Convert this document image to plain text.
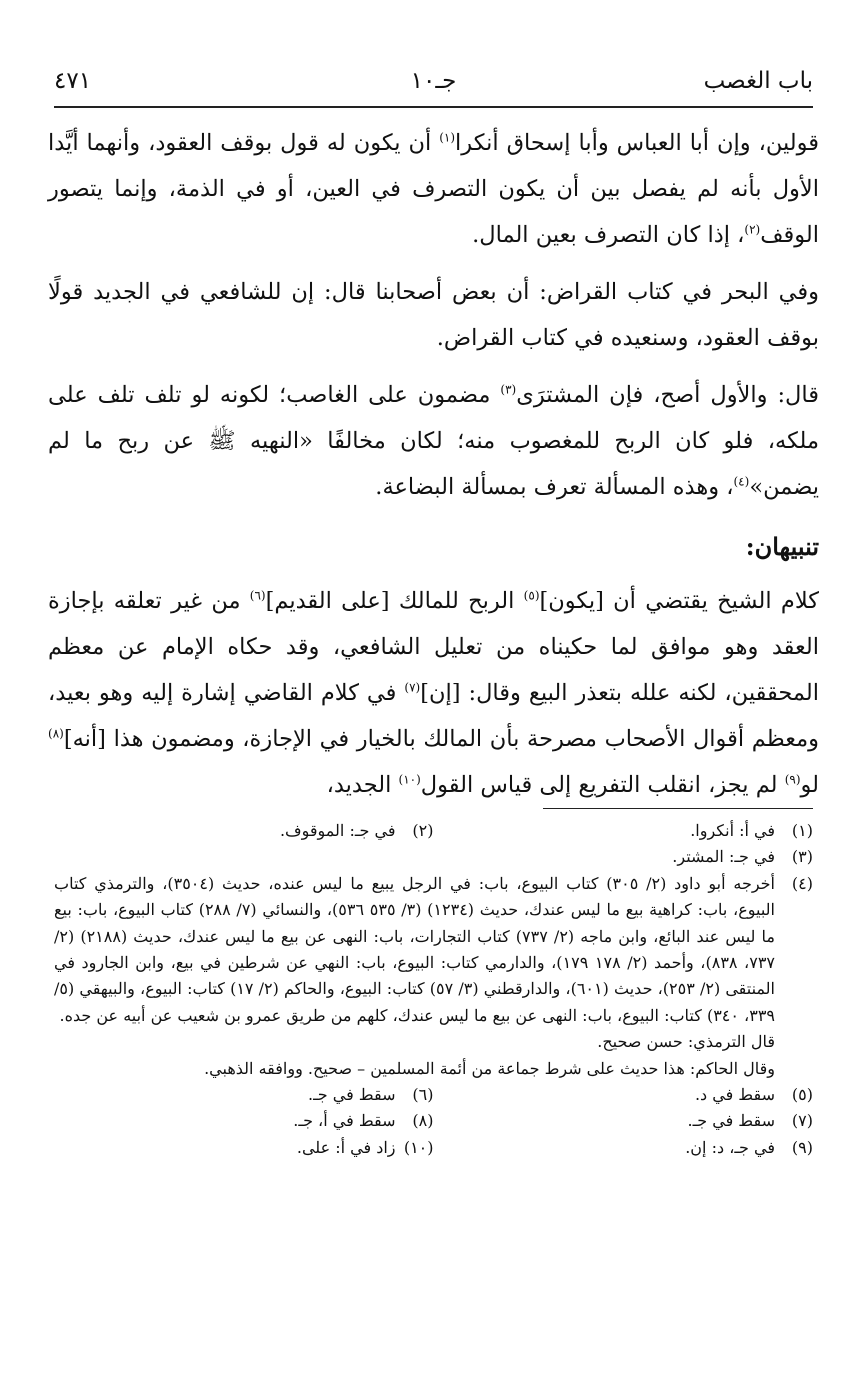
باب الغصب
جـ١٠
٤٧١

قولين، وإن أبا العباس وأبا إسحاق أنكرا$^{(١)}$ أن يكون له قول بوقف العقود، وأنهما أيَّدا الأول بأنه لم يفصل بين أن يكون التصرف في العين، أو في الذمة، وإنما يتصور الوقف$^{(٢)}$، إذا كان التصرف بعين المال.

وفي البحر في كتاب القراض: أن بعض أصحابنا قال: إن للشافعي في الجديد قولًا بوقف العقود، وسنعيده في كتاب القراض.

قال: والأول أصح، فإن المشترَى$^{(٣)}$ مضمون على الغاصب؛ لكونه لو تلف تلف على ملكه، فلو كان الربح للمغصوب منه؛ لكان مخالفًا «النهيه ﷺ عن ربح ما لم يضمن»$^{(٤)}$، وهذه المسألة تعرف بمسألة البضاعة.

تنبيهان:

كلام الشيخ يقتضي أن [يكون]$^{(٥)}$ الربح للمالك [على القديم]$^{(٦)}$ من غير تعلقه بإجازة العقد وهو موافق لما حكيناه من تعليل الشافعي، وقد حكاه الإمام عن معظم المحققين، لكنه علله بتعذر البيع وقال: [إن]$^{(٧)}$ في كلام القاضي إشارة إليه وهو بعيد، ومعظم أقوال الأصحاب مصرحة بأن المالك بالخيار في الإجازة، ومضمون هذا [أنه]$^{(٨)}$ لو$^{(٩)}$ لم يجز، انقلب التفريع إلى قياس القول$^{(١٠)}$ الجديد،

(١)
في أ: أنكروا.
(٢)
في جـ: الموقوف.
(٣)
في جـ: المشتر.
(٤)
أخرجه أبو داود (٢/ ٣٠٥) كتاب البيوع، باب: في الرجل يبيع ما ليس عنده، حديث (٣٥٠٤)، والترمذي كتاب البيوع، باب: كراهية بيع ما ليس عندك، حديث (١٢٣٤) (٣/ ٥٣٥ ٥٣٦)، والنسائي (٧/ ٢٨٨) كتاب البيوع، باب: بيع ما ليس عند البائع، وابن ماجه (٢/ ٧٣٧) كتاب التجارات، باب: النهى عن بيع ما ليس عندك، حديث (٢١٨٨) (٢/ ٧٣٧، ٨٣٨)، وأحمد (٢/ ١٧٨ ١٧٩)، والدارمي كتاب: البيوع، باب: النهي عن شرطين في بيع، وابن الجارود في المنتقى (٢/ ٢٥٣)، حديث (٦٠١)، والدارقطني (٣/ ٥٧) كتاب: البيوع، والحاكم (٢/ ١٧) كتاب: البيوع، والبيهقي (٥/ ٣٣٩، ٣٤٠) كتاب: البيوع، باب: النهى عن بيع ما ليس عندك، كلهم من طريق عمرو بن شعيب عن أبيه عن جده.
قال الترمذي: حسن صحيح.
وقال الحاكم: هذا حديث على شرط جماعة من أئمة المسلمين – صحيح. ووافقه الذهبي.
(٥)
سقط في د.
(٦)
سقط في جـ.
(٧)
سقط في جـ.
(٨)
سقط في أ، جـ.
(٩)
في جـ، د: إن.
(١٠)
زاد في أ: على.
